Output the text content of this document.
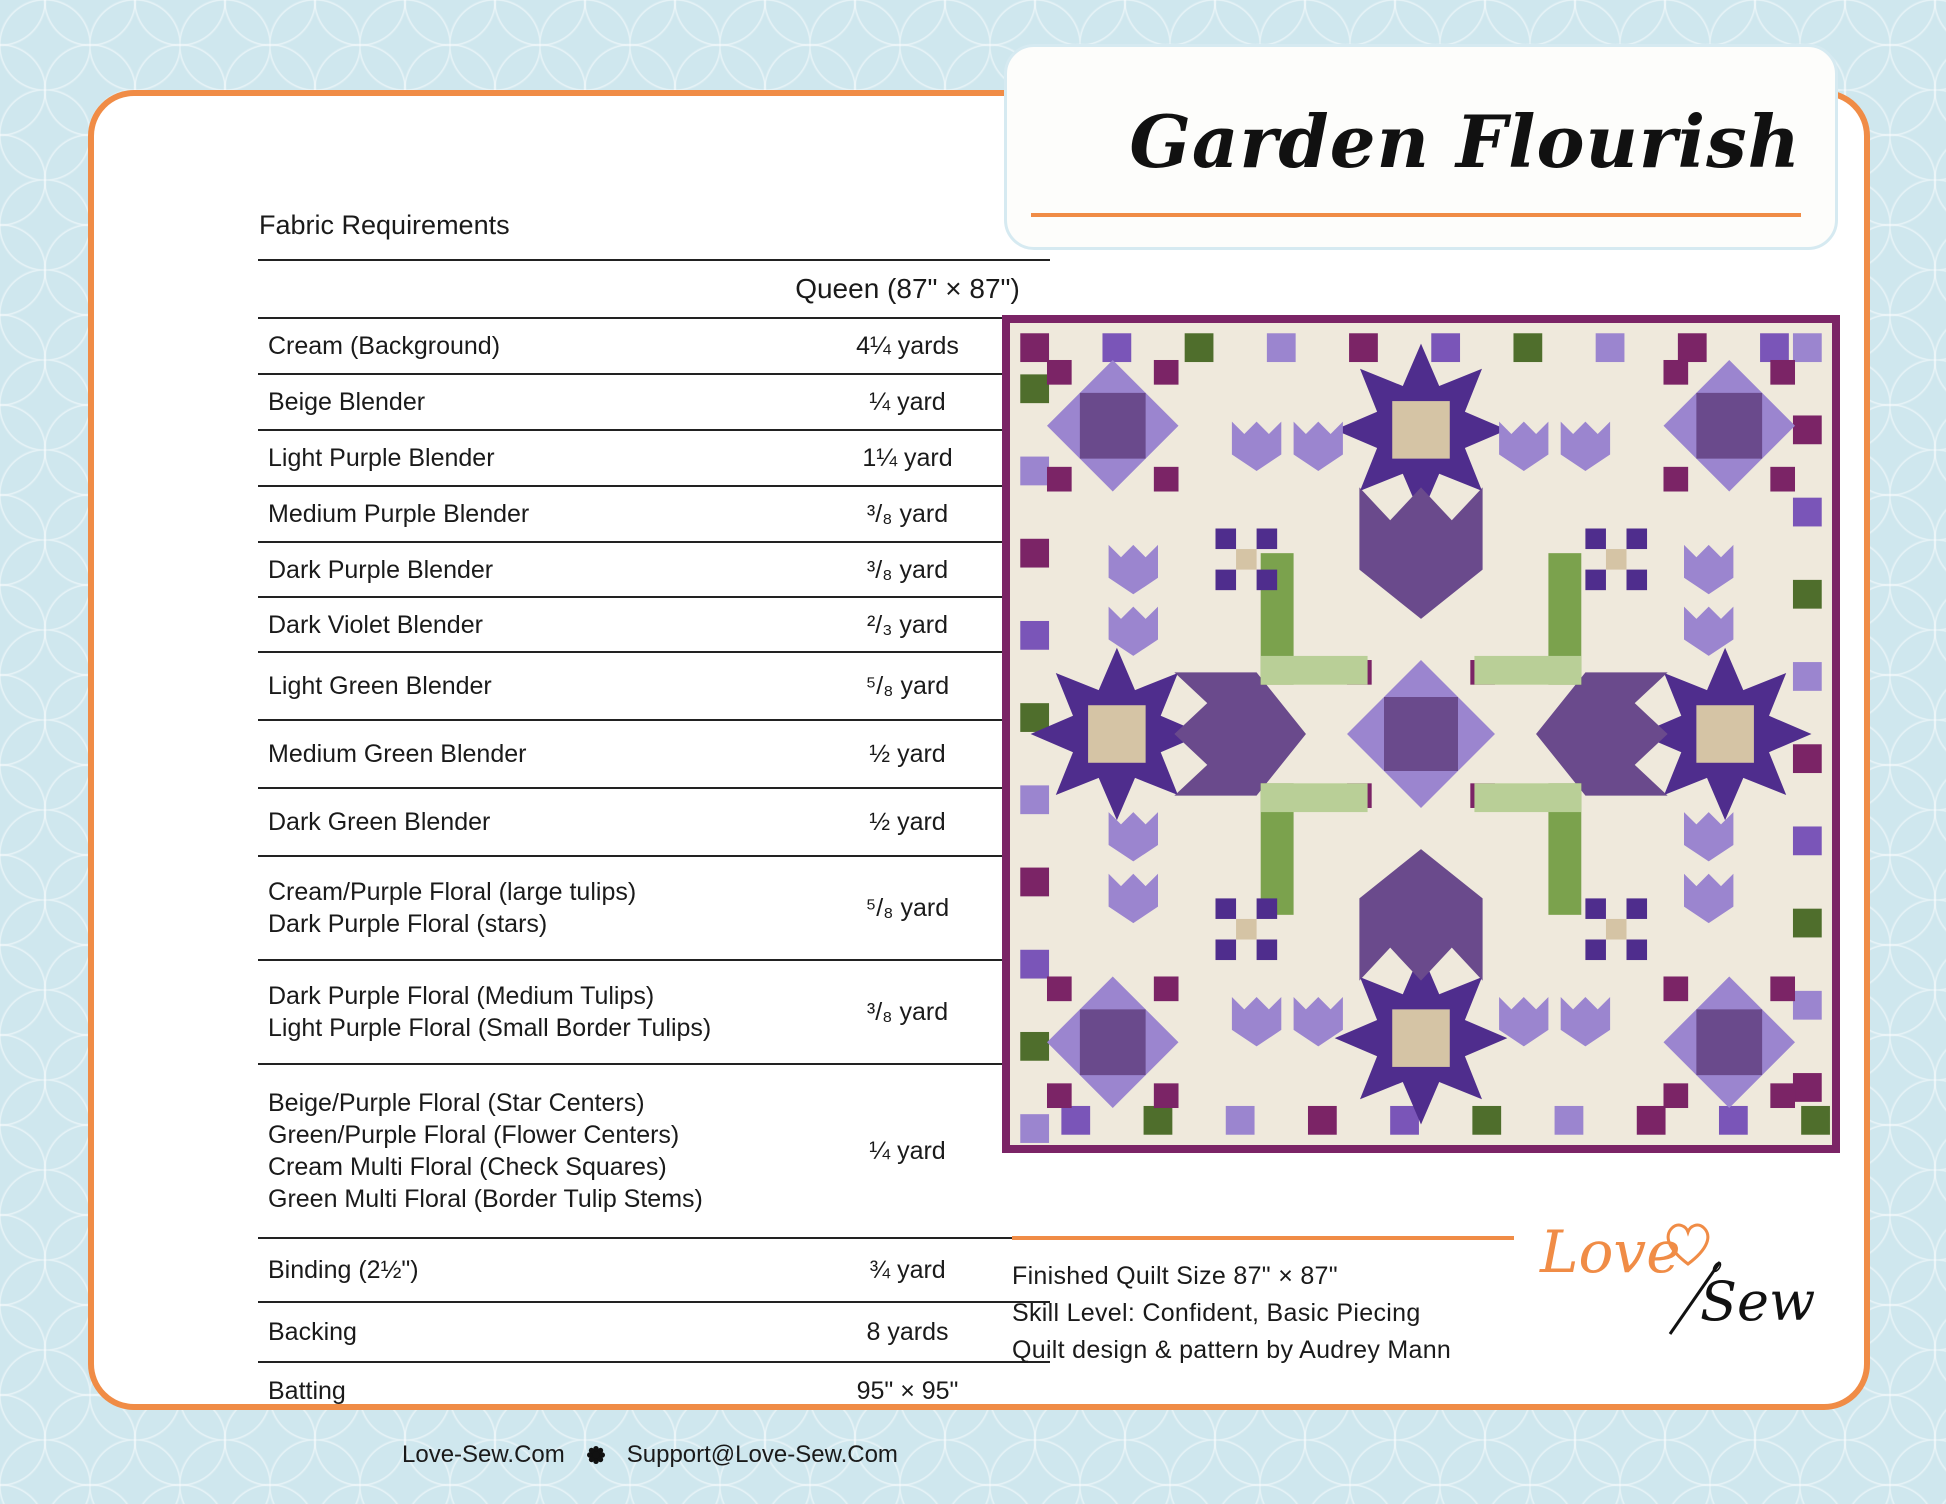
Fabric Requirements
	Queen (87" × 87")

Cream (Background)	4¼ yards

Beige Blender	¼ yard

Light Purple Blender	1¼ yard

Medium Purple Blender	³/₈ yard

Dark Purple Blender	³/₈ yard

Dark Violet Blender	²/₃ yard

Light Green Blender	⁵/₈ yard

Medium Green Blender	½ yard

Dark Green Blender	½ yard

Cream/Purple Floral (large tulips)
Dark Purple Floral (stars)	⁵/₈ yard

Dark Purple Floral (Medium Tulips)
Light Purple Floral (Small Border Tulips)	³/₈ yard

Beige/Purple Floral (Star Centers)
Green/Purple Floral (Flower Centers)
Cream Multi Floral (Check Squares)
Green Multi Floral (Border Tulip Stems)	¼ yard

Binding (2½")	¾ yard

Backing	8 yards

Batting	95" × 95"
Love-Sew.Com	Support@Love-Sew.Com
Garden Flourish
Finished Quilt Size 87" × 87"
Skill Level: Confident, Basic Piecing
Quilt design & pattern by Audrey Mann
Love
Sew
